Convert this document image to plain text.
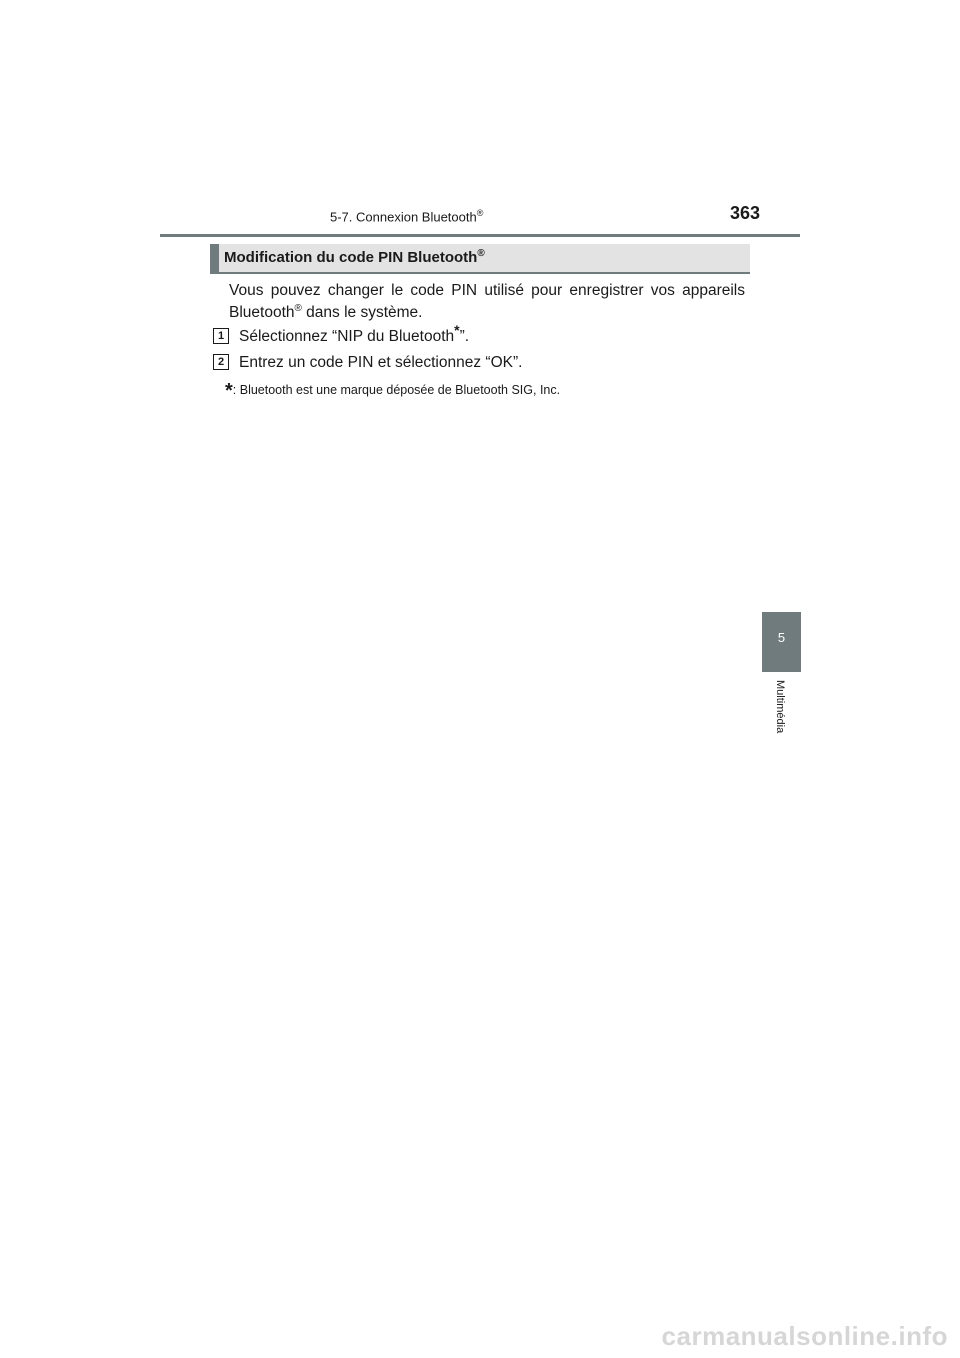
5-7. Connexion Bluetooth®	363
Modification du code PIN Bluetooth®
Vous pouvez changer le code PIN utilisé pour enregistrer vos appareils Bluetooth® dans le système.
1 Sélectionnez “NIP du Bluetooth*”.
2 Entrez un code PIN et sélectionnez “OK”.
*: Bluetooth est une marque déposée de Bluetooth SIG, Inc.
5
Multimédia
carmanualsonline.info
